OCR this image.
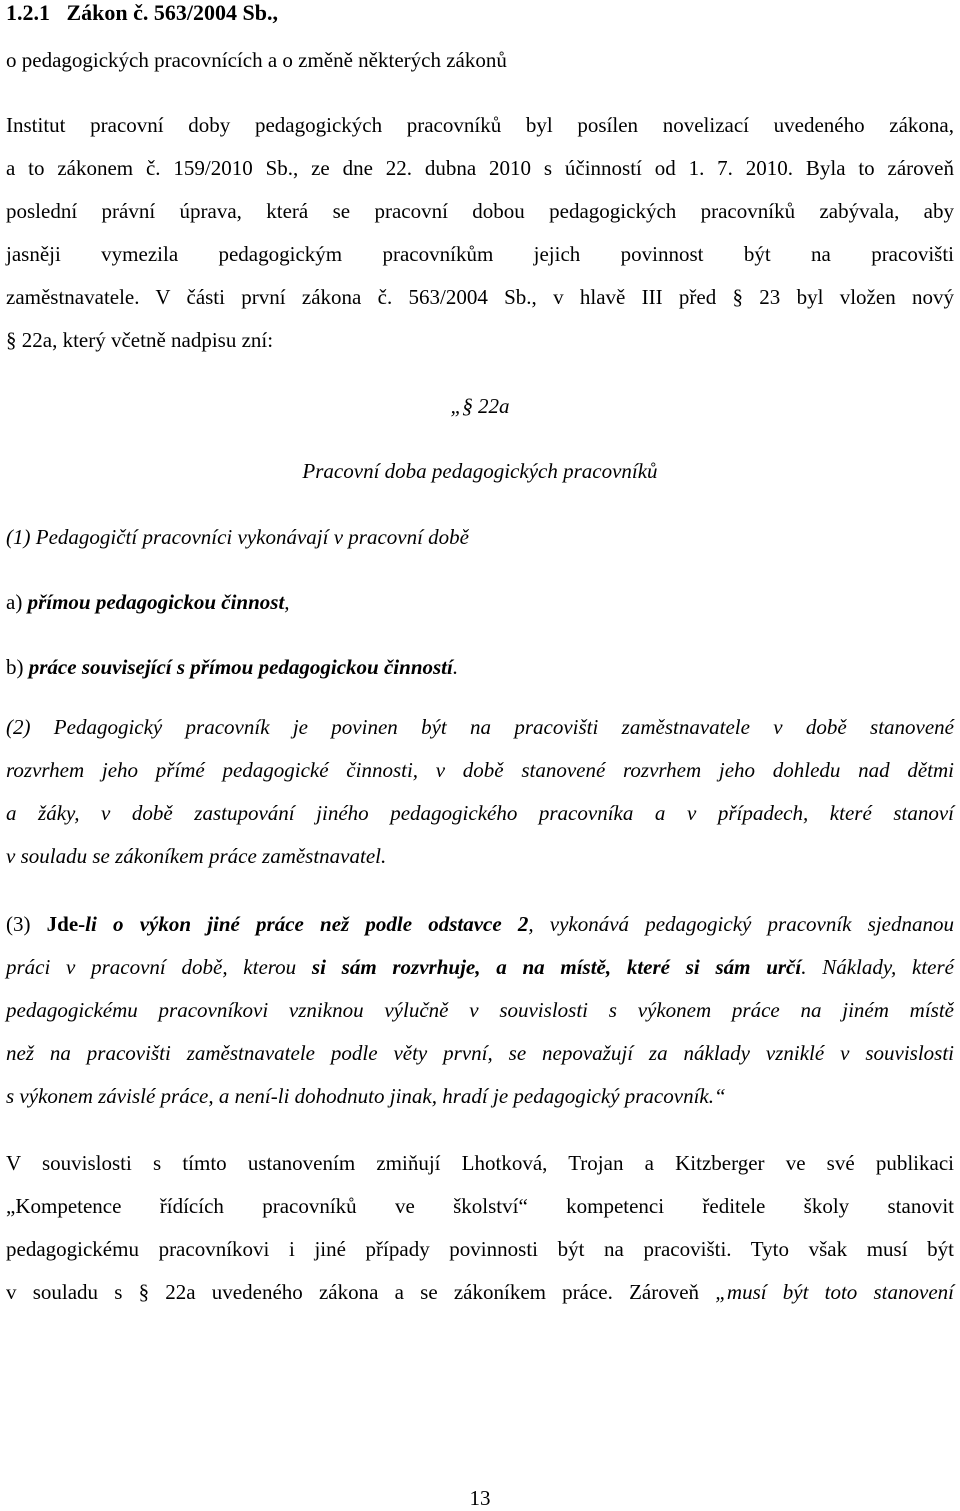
1.2.1   Zákon č. 563/2004 Sb.,
o pedagogických pracovnících a o změně některých zákonů
Institut pracovní doby pedagogických pracovníků byl posílen novelizací uvedeného zákona,
a to zákonem č. 159/2010 Sb., ze dne 22. dubna 2010 s účinností od 1. 7. 2010. Byla to zároveň
poslední právní úprava, která se pracovní dobou pedagogických pracovníků zabývala, aby
jasněji vymezila pedagogickým pracovníkům jejich povinnost být na pracovišti
zaměstnavatele. V části první zákona č. 563/2004 Sb., v hlavě III před § 23 byl vložen nový
§ 22a, který včetně nadpisu zní:
„§ 22a
Pracovní doba pedagogických pracovníků
(1) Pedagogičtí pracovníci vykonávají v pracovní době
a) přímou pedagogickou činnost,
b) práce související s přímou pedagogickou činností.
(2) Pedagogický pracovník je povinen být na pracovišti zaměstnavatele v době stanovené
rozvrhem jeho přímé pedagogické činnosti, v době stanovené rozvrhem jeho dohledu nad dětmi
a žáky, v době zastupování jiného pedagogického pracovníka a v případech, které stanoví
v souladu se zákoníkem práce zaměstnavatel.
(3) Jde-li o výkon jiné práce než podle odstavce 2, vykonává pedagogický pracovník sjednanou
práci v pracovní době, kterou si sám rozvrhuje, a na místě, které si sám určí. Náklady, které
pedagogickému pracovníkovi vzniknou výlučně v souvislosti s výkonem práce na jiném místě
než na pracovišti zaměstnavatele podle věty první, se nepovažují za náklady vzniklé v souvislosti
s výkonem závislé práce, a není-li dohodnuto jinak, hradí je pedagogický pracovník.“
V souvislosti s tímto ustanovením zmiňují Lhotková, Trojan a Kitzberger ve své publikaci
„Kompetence řídících pracovníků ve školství“ kompetenci ředitele školy stanovit
pedagogickému pracovníkovi i jiné případy povinnosti být na pracovišti. Tyto však musí být
v souladu s § 22a uvedeného zákona a se zákoníkem práce. Zároveň „musí být toto stanovení
13
